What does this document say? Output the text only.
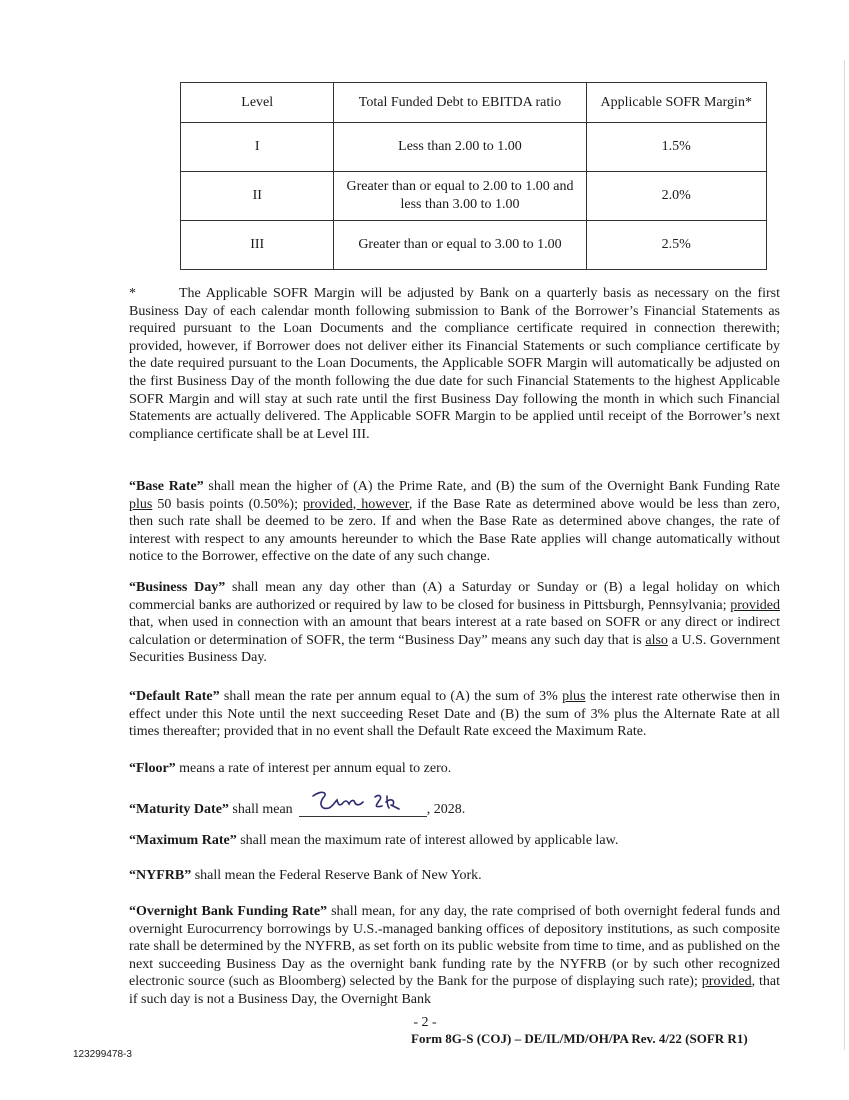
Level	Total Funded Debt to EBITDA ratio	Applicable SOFR Margin*
I	Less than 2.00 to 1.00	1.5%
II	Greater than or equal to 2.00 to 1.00 and less than 3.00 to 1.00	2.0%
III	Greater than or equal to 3.00 to 1.00	2.5%

*	The Applicable SOFR Margin will be adjusted by Bank on a quarterly basis as necessary on the first Business Day of each calendar month following submission to Bank of the Borrower’s Financial Statements as required pursuant to the Loan Documents and the compliance certificate required in connection therewith; provided, however, if Borrower does not deliver either its Financial Statements or such compliance certificate by the date required pursuant to the Loan Documents, the Applicable SOFR Margin will automatically be adjusted on the first Business Day of the month following the due date for such Financial Statements to the highest Applicable SOFR Margin and will stay at such rate until the first Business Day following the month in which such Financial Statements are actually delivered. The Applicable SOFR Margin to be applied until receipt of the Borrower’s next compliance certificate shall be at Level III.

“Base Rate” shall mean the higher of (A) the Prime Rate, and (B) the sum of the Overnight Bank Funding Rate plus 50 basis points (0.50%); provided, however, if the Base Rate as determined above would be less than zero, then such rate shall be deemed to be zero. If and when the Base Rate as determined above changes, the rate of interest with respect to any amounts hereunder to which the Base Rate applies will change automatically without notice to the Borrower, effective on the date of any such change.

“Business Day” shall mean any day other than (A) a Saturday or Sunday or (B) a legal holiday on which commercial banks are authorized or required by law to be closed for business in Pittsburgh, Pennsylvania; provided that, when used in connection with an amount that bears interest at a rate based on SOFR or any direct or indirect calculation or determination of SOFR, the term “Business Day” means any such day that is also a U.S. Government Securities Business Day.

“Default Rate” shall mean the rate per annum equal to (A) the sum of 3% plus the interest rate otherwise then in effect under this Note until the next succeeding Reset Date and (B) the sum of 3% plus the Alternate Rate at all times thereafter; provided that in no event shall the Default Rate exceed the Maximum Rate.

“Floor” means a rate of interest per annum equal to zero.

“Maturity Date” shall mean	, 2028.

“Maximum Rate” shall mean the maximum rate of interest allowed by applicable law.

“NYFRB” shall mean the Federal Reserve Bank of New York.

“Overnight Bank Funding Rate” shall mean, for any day, the rate comprised of both overnight federal funds and overnight Eurocurrency borrowings by U.S.-managed banking offices of depository institutions, as such composite rate shall be determined by the NYFRB, as set forth on its public website from time to time, and as published on the next succeeding Business Day as the overnight bank funding rate by the NYFRB (or by such other recognized electronic source (such as Bloomberg) selected by the Bank for the purpose of displaying such rate); provided, that if such day is not a Business Day, the Overnight Bank

- 2 -
Form 8G-S (COJ) – DE/IL/MD/OH/PA Rev. 4/22 (SOFR R1)
123299478-3
